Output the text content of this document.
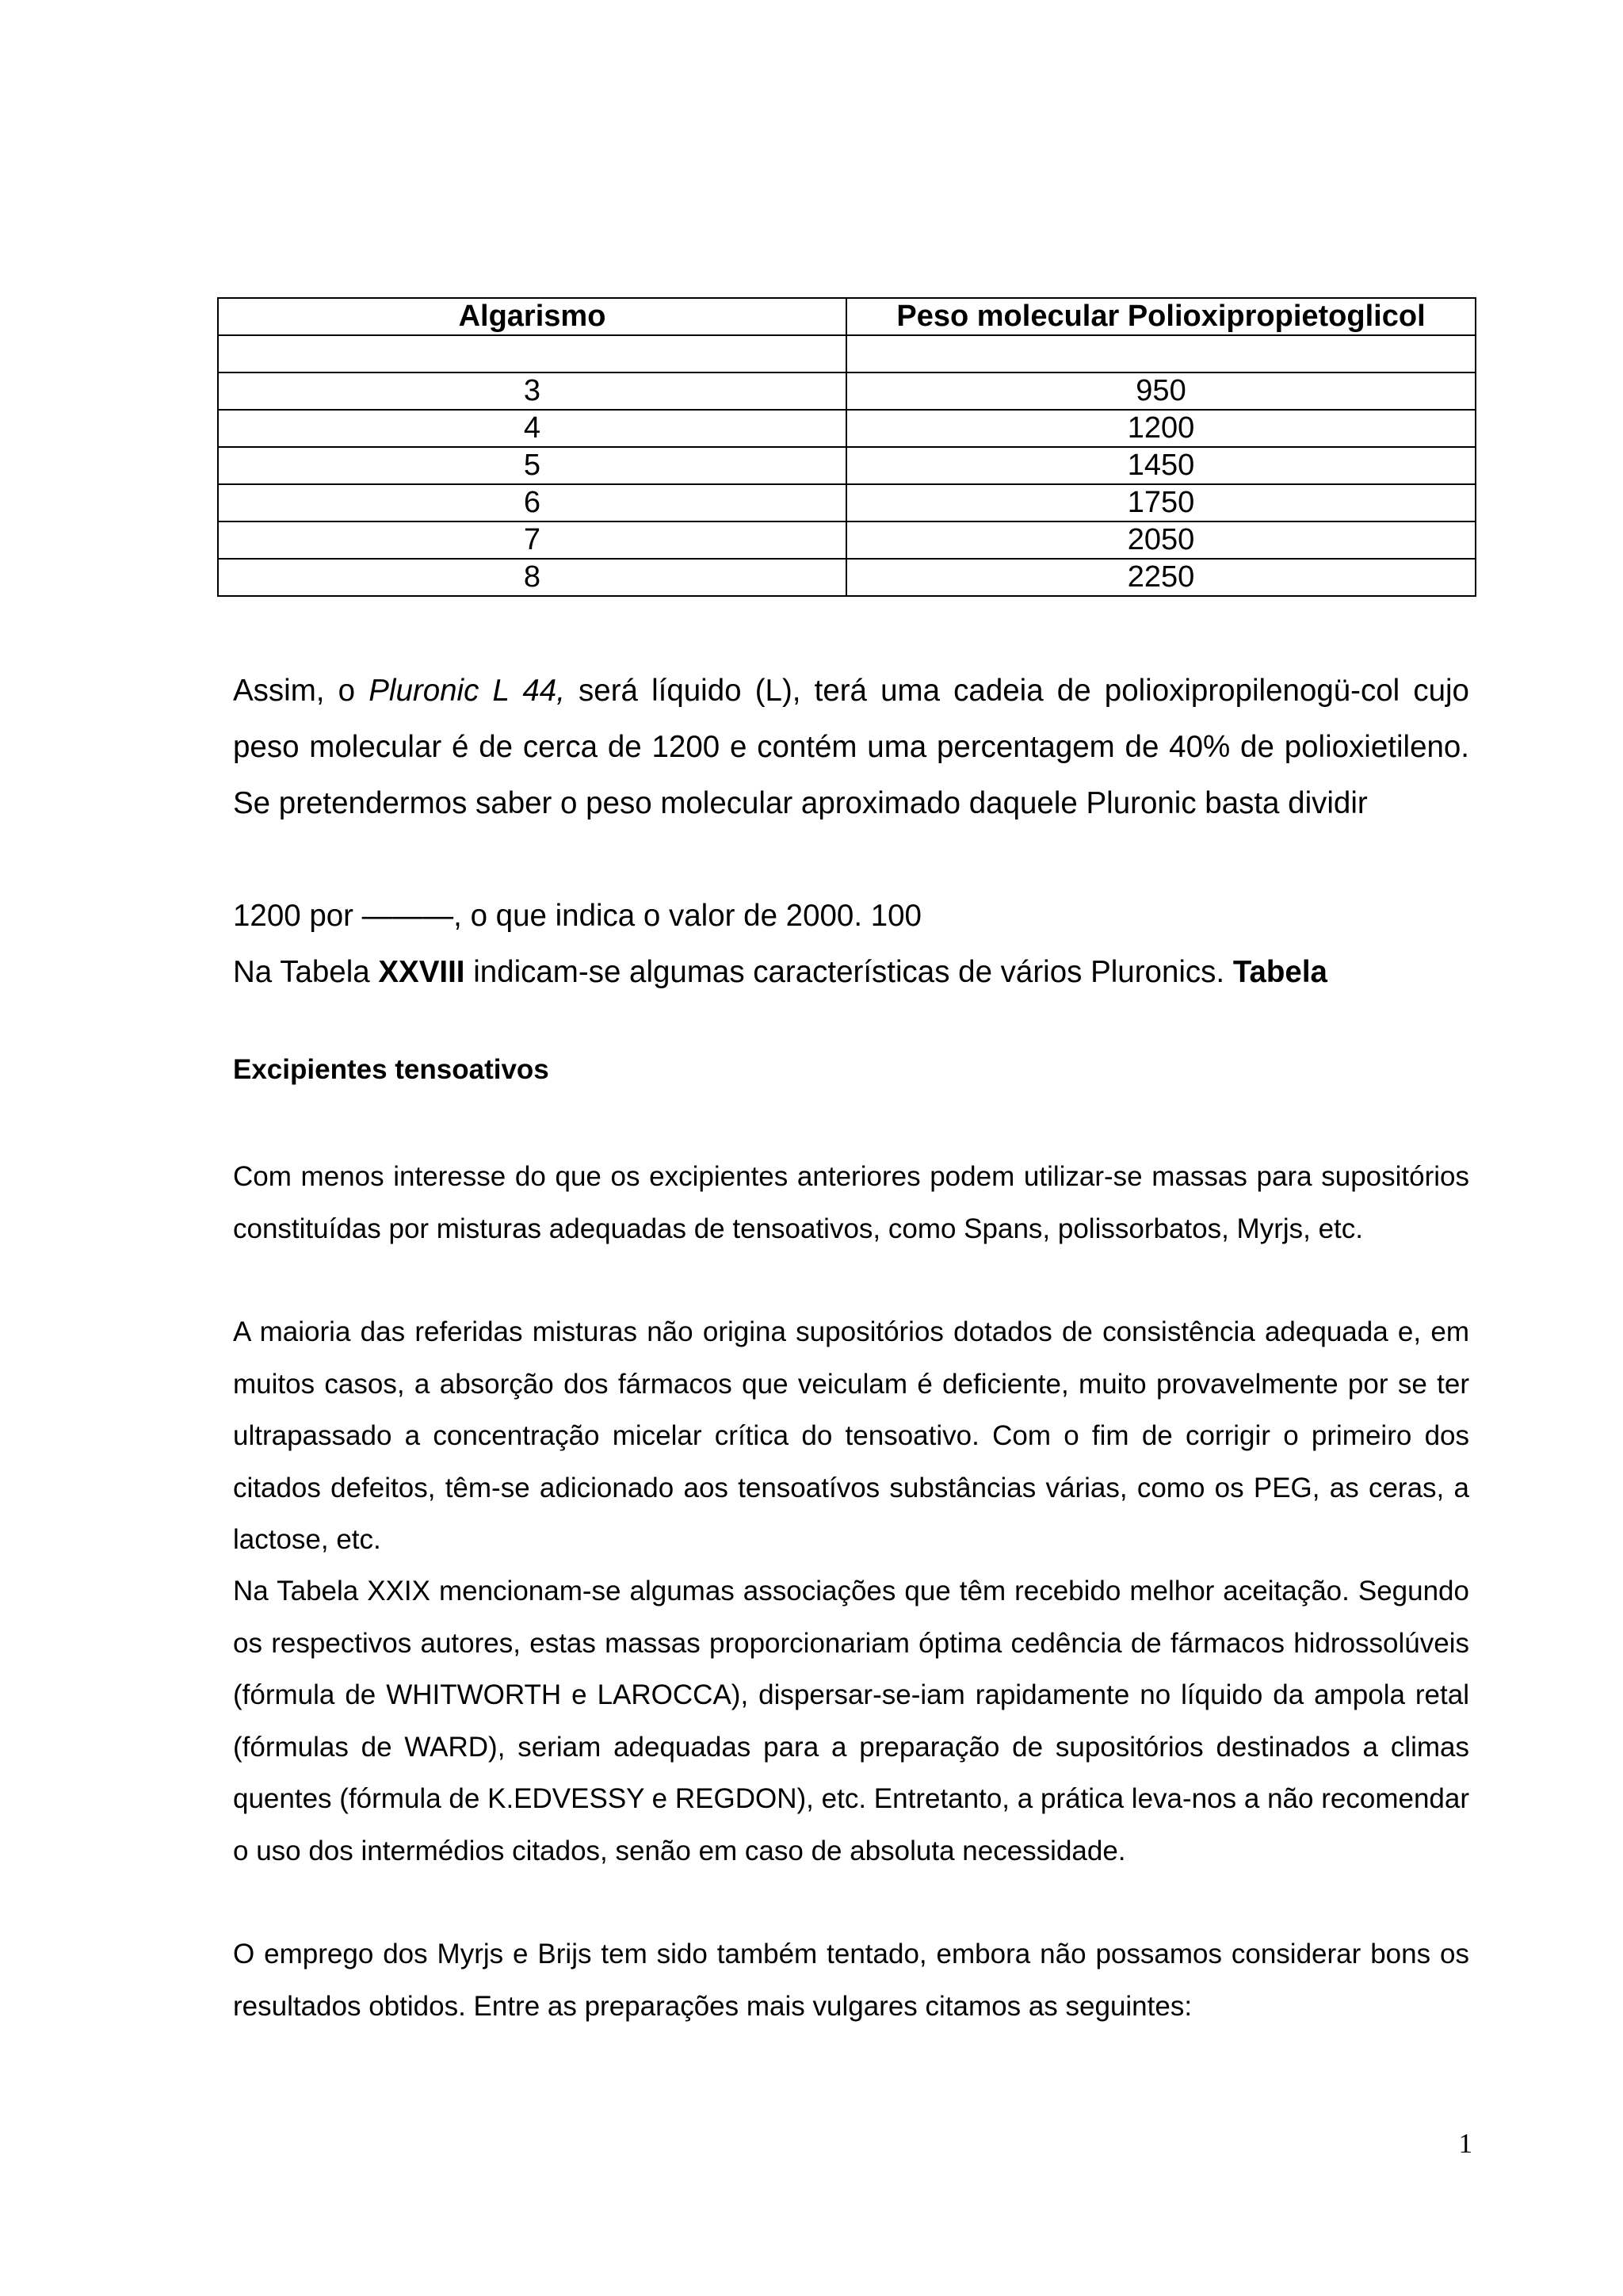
Algarismo	Peso molecular Polioxipropietoglicol

3	950
4	1200
5	1450
6	1750
7	2050
8	2250

Assim, o Pluronic L 44, será líquido (L), terá uma cadeia de polioxipropilenogü-col cujo peso molecular é de cerca de 1200 e contém uma percentagem de 40% de polioxietileno. Se pretendermos saber o peso molecular aproximado daquele Pluronic basta dividir

1200 por ———, o que indica o valor de 2000. 100

Na Tabela XXVIII indicam-se algumas características de vários Pluronics. Tabela

Excipientes tensoativos

Com menos interesse do que os excipientes anteriores podem utilizar-se massas para supositórios constituídas por misturas adequadas de tensoativos, como Spans, polissorbatos, Myrjs, etc.

A maioria das referidas misturas não origina supositórios dotados de consistência adequada e, em muitos casos, a absorção dos fármacos que veiculam é deficiente, muito provavelmente por se ter ultrapassado a concentração micelar crítica do tensoativo. Com o fim de corrigir o primeiro dos citados defeitos, têm-se adicionado aos tensoatívos substâncias várias, como os PEG, as ceras, a lactose, etc.

Na Tabela XXIX mencionam-se algumas associações que têm recebido melhor aceitação. Segundo os respectivos autores, estas massas proporcionariam óptima cedência de fármacos hidrossolúveis (fórmula de WHITWORTH e LAROCCA), dispersar-se-iam rapidamente no líquido da ampola retal (fórmulas de WARD), seriam adequadas para a preparação de supositórios destinados a climas quentes (fórmula de K.EDVESSY e REGDON), etc. Entretanto, a prática leva-nos a não recomendar o uso dos intermédios citados, senão em caso de absoluta necessidade.

O emprego dos Myrjs e Brijs tem sido também tentado, embora não possamos considerar bons os resultados obtidos. Entre as preparações mais vulgares citamos as seguintes:

1
